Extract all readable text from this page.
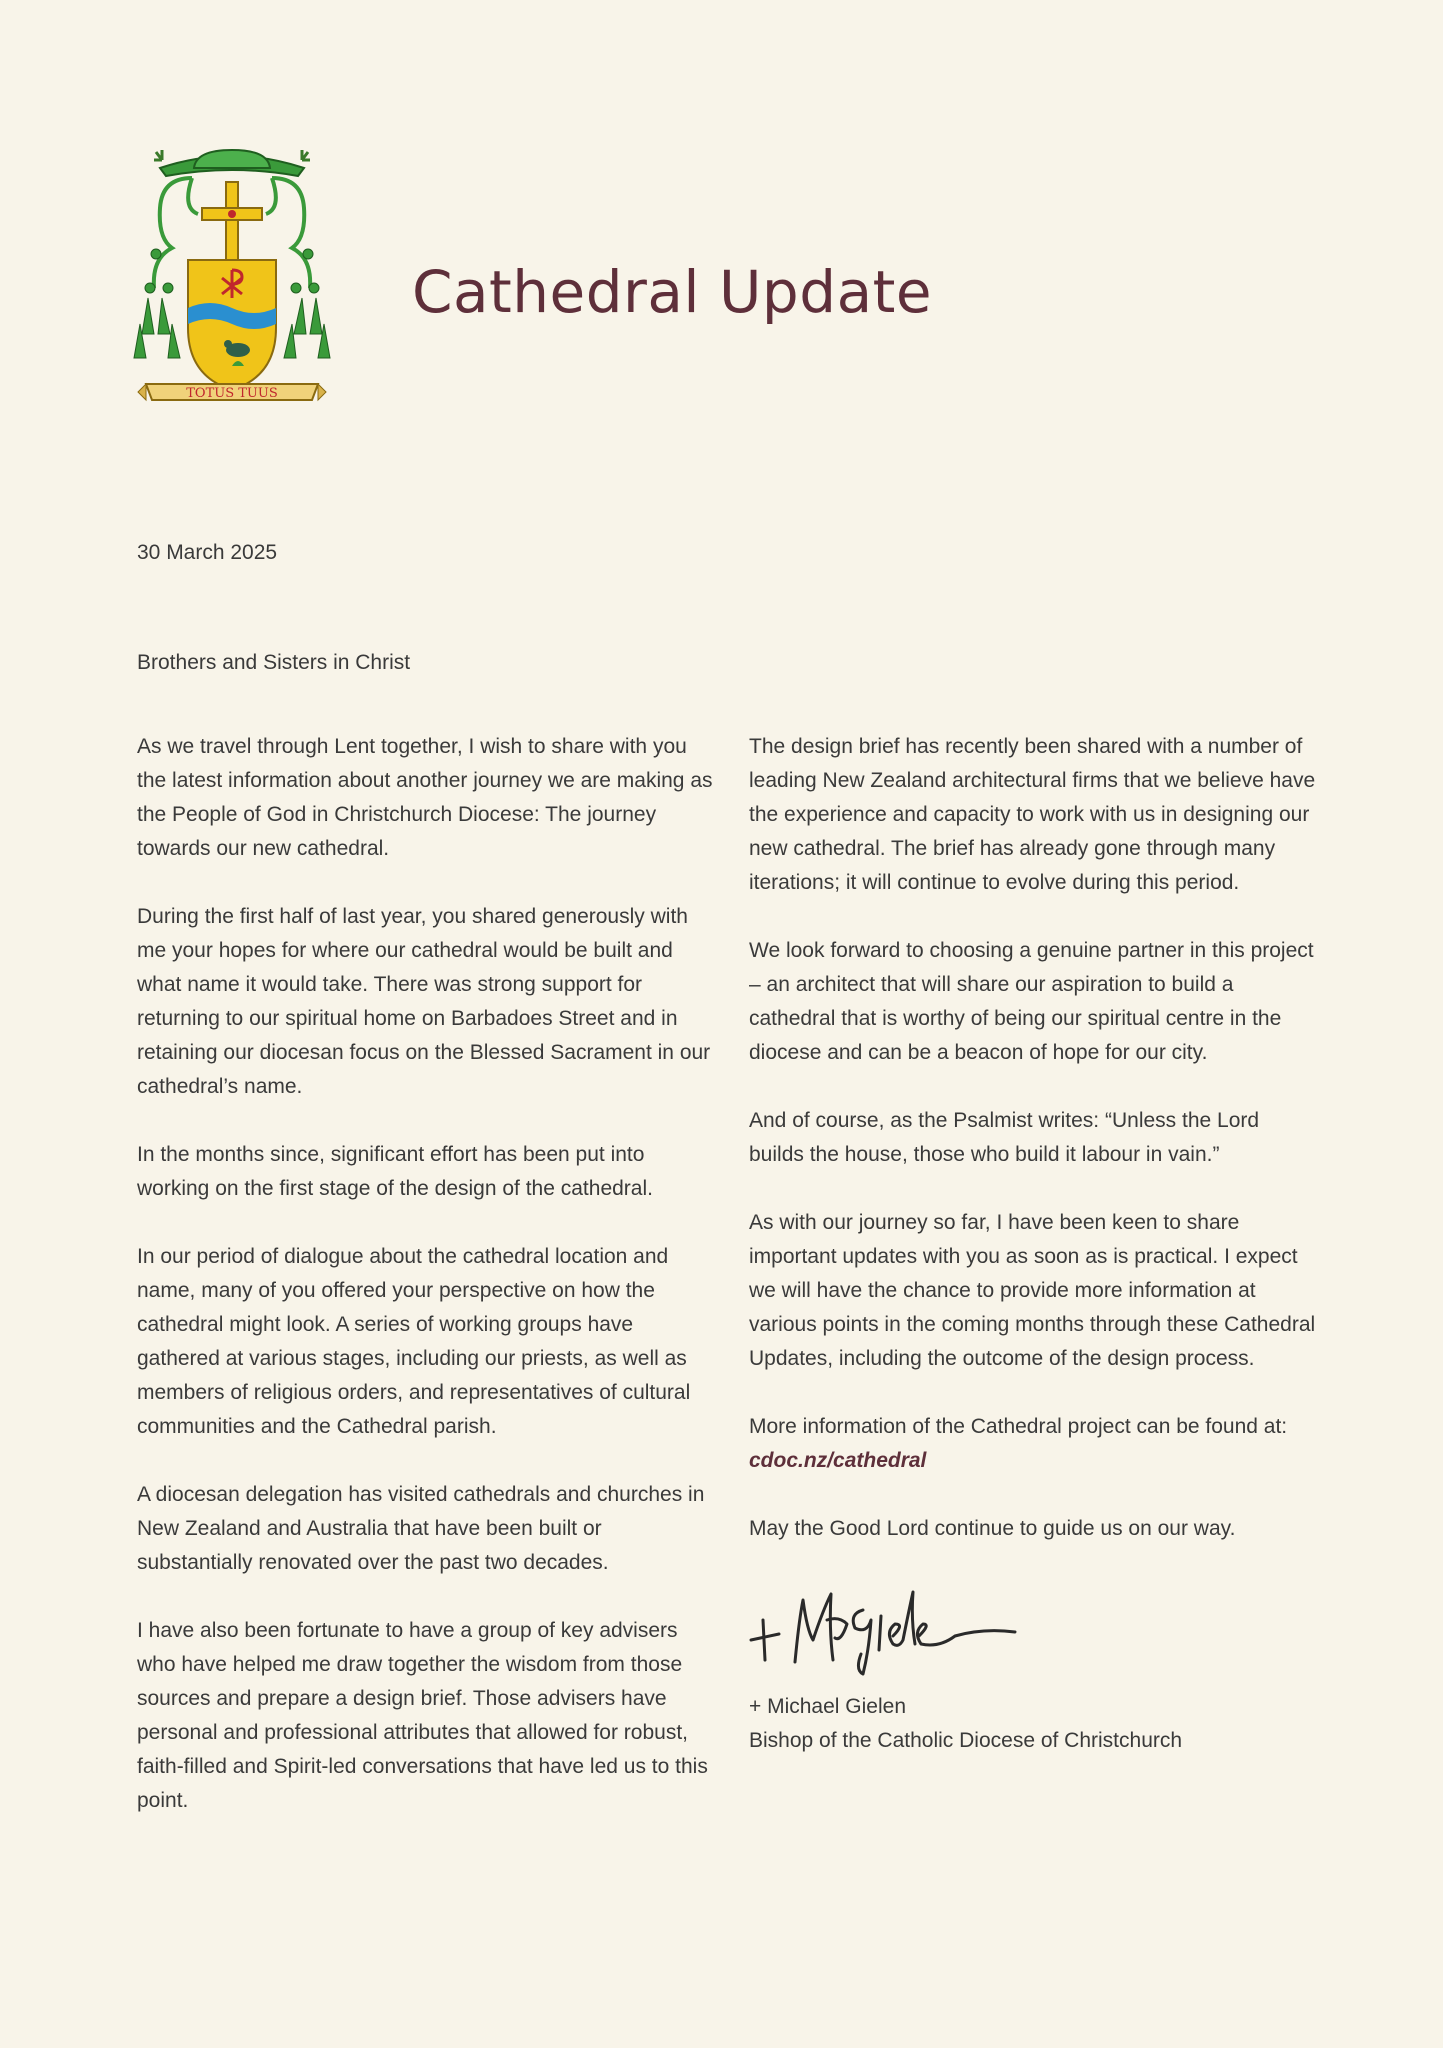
TOTUS TUUS
Cathedral Update
30 March 2025
Brothers and Sisters in Christ

As we travel through Lent together, I wish to share with you the latest information about another journey we are making as the People of God in Christchurch Diocese: The journey towards our new cathedral.

During the first half of last year, you shared generously with me your hopes for where our cathedral would be built and what name it would take. There was strong support for returning to our spiritual home on Barbadoes Street and in retaining our diocesan focus on the Blessed Sacrament in our cathedral’s name.

In the months since, significant effort has been put into working on the first stage of the design of the cathedral.

In our period of dialogue about the cathedral location and name, many of you offered your perspective on how the cathedral might look. A series of working groups have gathered at various stages, including our priests, as well as members of religious orders, and representatives of cultural communities and the Cathedral parish.

A diocesan delegation has visited cathedrals and churches in New Zealand and Australia that have been built or substantially renovated over the past two decades.

I have also been fortunate to have a group of key advisers who have helped me draw together the wisdom from those sources and prepare a design brief. Those advisers have personal and professional attributes that allowed for robust, faith-filled and Spirit-led conversations that have led us to this point.

The design brief has recently been shared with a number of leading New Zealand architectural firms that we believe have the experience and capacity to work with us in designing our new cathedral. The brief has already gone through many iterations; it will continue to evolve during this period.

We look forward to choosing a genuine partner in this project – an architect that will share our aspiration to build a cathedral that is worthy of being our spiritual centre in the diocese and can be a beacon of hope for our city.

And of course, as the Psalmist writes: “Unless the Lord builds the house, those who build it labour in vain.”

As with our journey so far, I have been keen to share important updates with you as soon as is practical. I expect we will have the chance to provide more information at various points in the coming months through these Cathedral Updates, including the outcome of the design process.

More information of the Cathedral project can be found at: cdoc.nz/cathedral

May the Good Lord continue to guide us on our way.

+ Michael Gielen

Bishop of the Catholic Diocese of Christchurch
